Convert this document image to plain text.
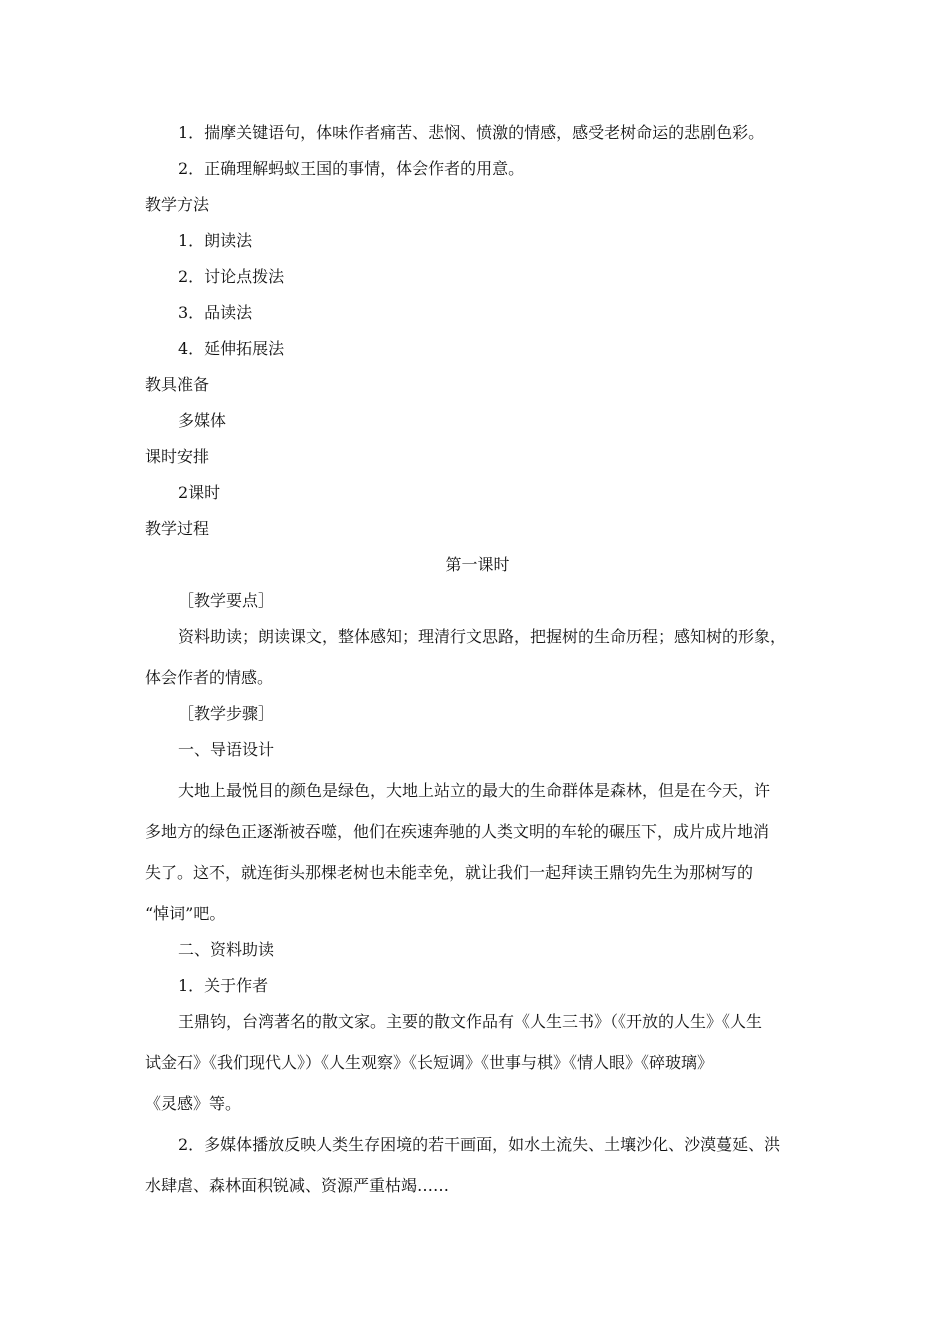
1．揣摩关键语句，体味作者痛苦、悲悯、愤激的情感，感受老树命运的悲剧色彩。

2．正确理解蚂蚁王国的事情，体会作者的用意。

教学方法

1．朗读法

2．讨论点拨法

3．品读法

4．延伸拓展法

教具准备

多媒体

课时安排

2课时

教学过程

第一课时

［教学要点］

资料助读；朗读课文，整体感知；理清行文思路，把握树的生命历程；感知树的形象，

体会作者的情感。

［教学步骤］

一、导语设计

大地上最悦目的颜色是绿色，大地上站立的最大的生命群体是森林，但是在今天，许

多地方的绿色正逐渐被吞噬，他们在疾速奔驰的人类文明的车轮的碾压下，成片成片地消

失了。这不，就连街头那棵老树也未能幸免，就让我们一起拜读王鼎钧先生为那树写的

“悼词”吧。

二、资料助读

1．关于作者

王鼎钧，台湾著名的散文家。主要的散文作品有《人生三书》（《开放的人生》《人生

试金石》《我们现代人》）《人生观察》《长短调》《世事与棋》《情人眼》《碎玻璃》

《灵感》等。

2．多媒体播放反映人类生存困境的若干画面，如水土流失、土壤沙化、沙漠蔓延、洪

水肆虐、森林面积锐减、资源严重枯竭……
